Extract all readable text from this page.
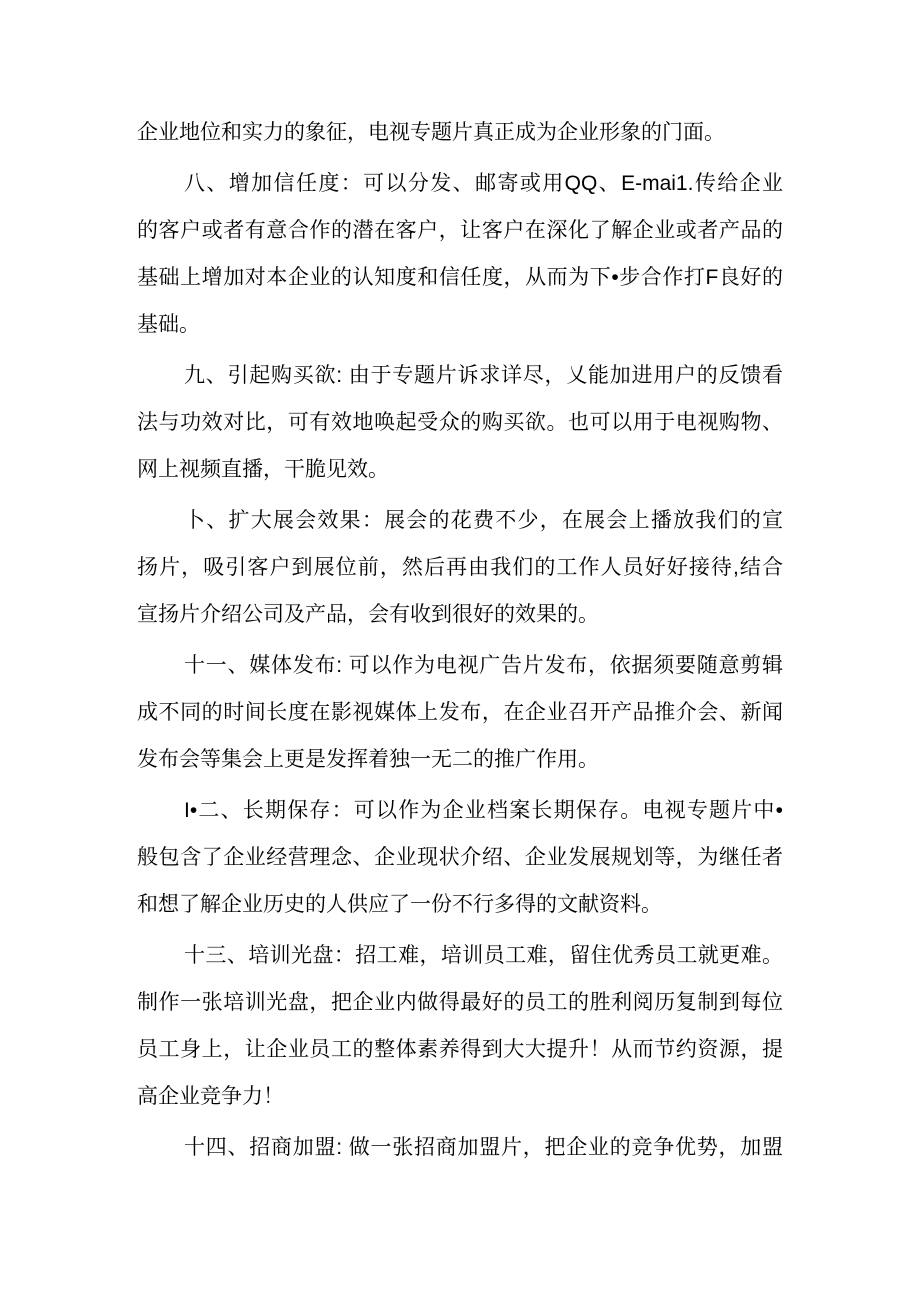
企业地位和实力的象征，电视专题片真正成为企业形象的门面。

八、增加信任度：可以分发、邮寄或用QQ、E-mai1.传给企业
的客户或者有意合作的潜在客户，让客户在深化了解企业或者产品的
基础上增加对本企业的认知度和信任度，从而为下•步合作打F良好的
基础。

九、引起购买欲: 由于专题片诉求详尽，乂能加进用户的反馈看
法与功效对比，可有效地唤起受众的购买欲。也可以用于电视购物、
网上视频直播，干脆见效。

卜、扩大展会效果：展会的花费不少，在展会上播放我们的宣
扬片，吸引客户到展位前，然后再由我们的工作人员好好接待,结合
宣扬片介绍公司及产品，会有收到很好的效果的。

十一、媒体发布: 可以作为电视广告片发布，依据须要随意剪辑
成不同的时间长度在影视媒体上发布，在企业召开产品推介会、新闻
发布会等集会上更是发挥着独一无二的推广作用。

I•二、长期保存：可以作为企业档案长期保存。电视专题片中•
般包含了企业经营理念、企业现状介绍、企业发展规划等，为继任者
和想了解企业历史的人供应了一份不行多得的文献资料。

十三、培训光盘：招工难，培训员工难，留住优秀员工就更难。
制作一张培训光盘，把企业内做得最好的员工的胜利阅历复制到每位
员工身上，让企业员工的整体素养得到大大提升！从而节约资源，提
高企业竞争力！

十四、招商加盟: 做一张招商加盟片，把企业的竞争优势，加盟
